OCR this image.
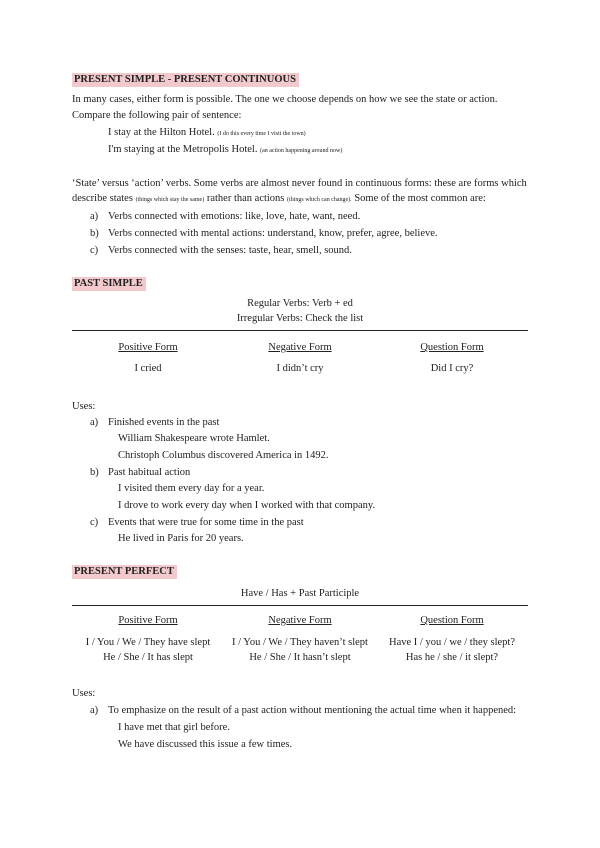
PRESENT SIMPLE - PRESENT CONTINUOUS
In many cases, either form is possible. The one we choose depends on how we see the state or action.
Compare the following pair of sentence:
I stay at the Hilton Hotel. (I do this every time I visit the town)
I'm staying at the Metropolis Hotel. (an action happening around now)
‘State’ versus ‘action’ verbs. Some verbs are almost never found in continuous forms: these are forms which
describe states (things which stay the same) rather than actions (things which can change). Some of the most common are:
a) Verbs connected with emotions: like, love, hate, want, need.
b) Verbs connected with mental actions: understand, know, prefer, agree, believe.
c) Verbs connected with the senses: taste, hear, smell, sound.
PAST SIMPLE
Regular Verbs: Verb + ed
Irregular Verbs: Check the list
Positive Form	Negative Form	Question Form
I cried	I didn’t cry	Did I cry?
Uses:
a) Finished events in the past
William Shakespeare wrote Hamlet.
Christoph Columbus discovered America in 1492.
b) Past habitual action
I visited them every day for a year.
I drove to work every day when I worked with that company.
c) Events that were true for some time in the past
He lived in Paris for 20 years.
PRESENT PERFECT
Have / Has + Past Participle
Positive Form	Negative Form	Question Form
I / You / We / They have slept	I / You / We / They haven’t slept	Have I / you / we / they slept?
He / She / It has slept	He / She / It hasn’t slept	Has he / she / it slept?
Uses:
a) To emphasize on the result of a past action without mentioning the actual time when it happened:
I have met that girl before.
We have discussed this issue a few times.
